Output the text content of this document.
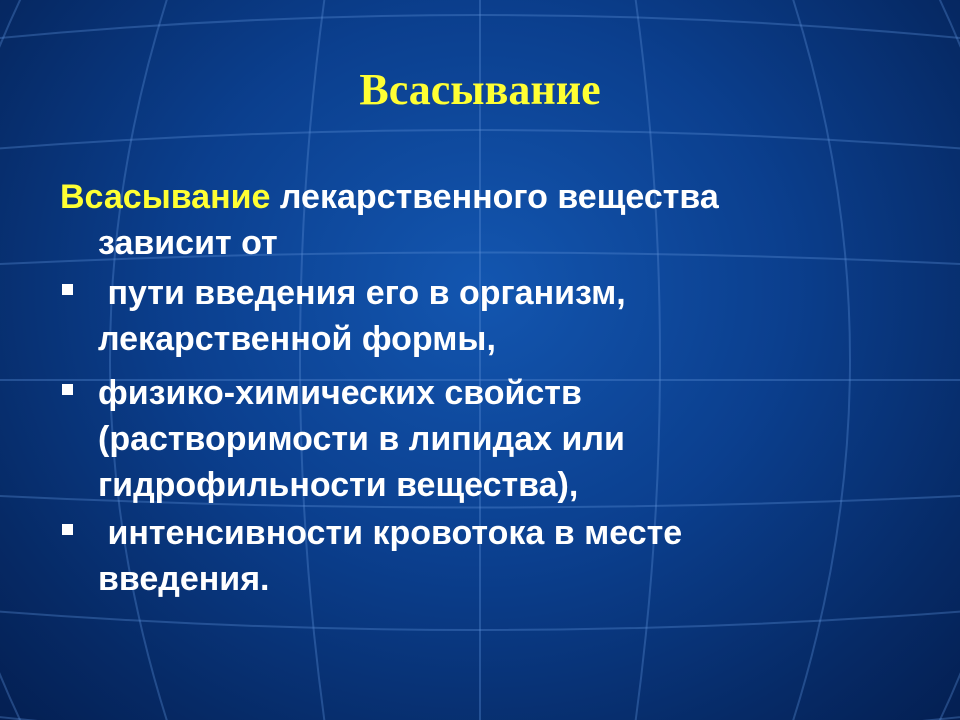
Всасывание
Всасывание лекарственного вещества
зависит от
пути введения его в организм,
лекарственной формы,
физико-химических свойств
(растворимости в липидах или
гидрофильности вещества),
интенсивности кровотока в месте
введения.
